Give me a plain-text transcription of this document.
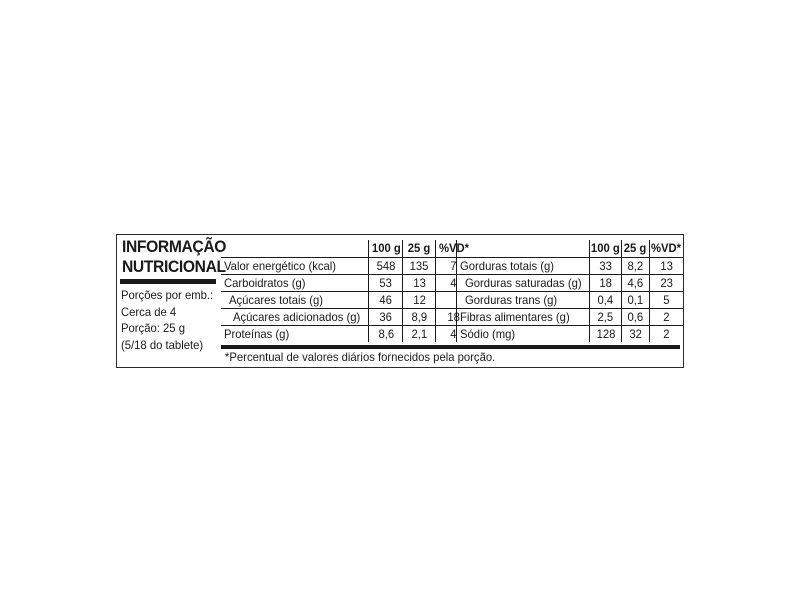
INFORMAÇÃO
NUTRICIONAL
Porções por emb.:
Cerca de 4
Porção: 25 g
(5/18 do tablete)
	100 g	25 g	%VD*
Valor energético (kcal)	548	135	7
Carboidratos (g)	53	13	4
Açúcares totais (g)	46	12	
Açúcares adicionados (g)	36	8,9	18
Proteínas (g)	8,6	2,1	4
	100 g	25 g	%VD*
Gorduras totais (g)	33	8,2	13
Gorduras saturadas (g)	18	4,6	23
Gorduras trans (g)	0,4	0,1	5
Fibras alimentares (g)	2,5	0,6	2
Sódio (mg)	128	32	2
*Percentual de valores diários fornecidos pela porção.
